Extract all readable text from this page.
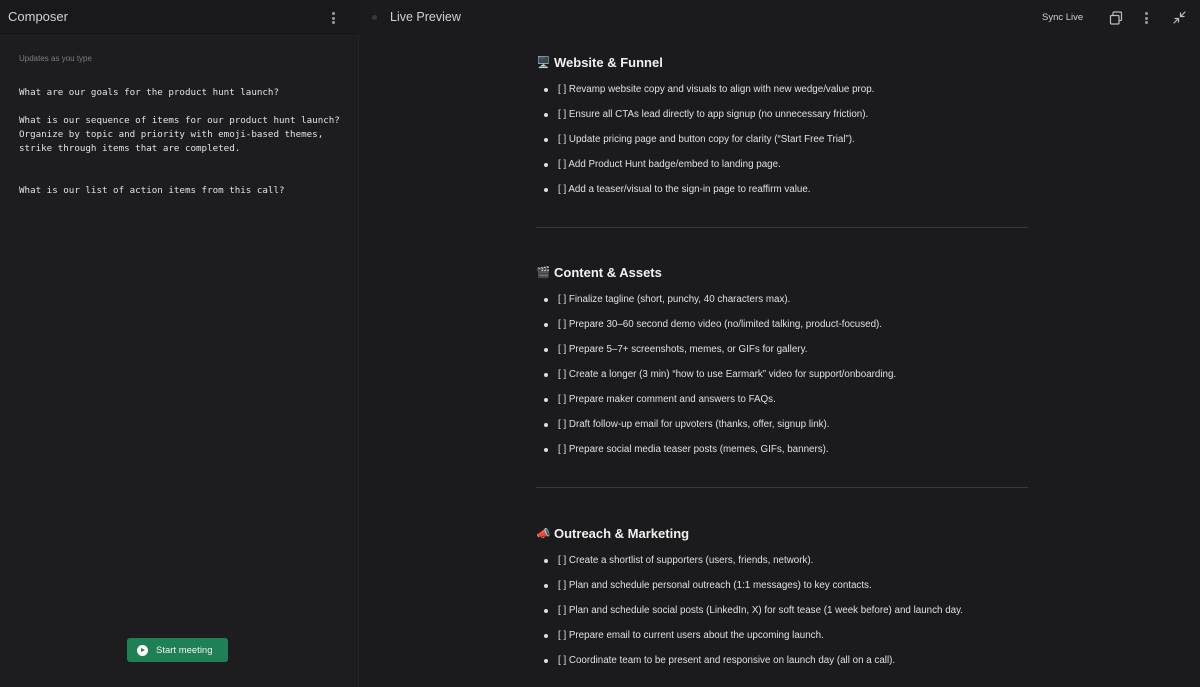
Composer
Updates as you type
What are our goals for the product hunt launch?

What is our sequence of items for our product hunt launch? Organize by topic and priority with emoji-based themes, strike through items that are completed.

What is our list of action items from this call?
Start meeting
Live Preview	Sync Live
🖥️ Website & Funnel
[ ] Revamp website copy and visuals to align with new wedge/value prop.
[ ] Ensure all CTAs lead directly to app signup (no unnecessary friction).
[ ] Update pricing page and button copy for clarity (“Start Free Trial”).
[ ] Add Product Hunt badge/embed to landing page.
[ ] Add a teaser/visual to the sign-in page to reaffirm value.
🎬 Content & Assets
[ ] Finalize tagline (short, punchy, 40 characters max).
[ ] Prepare 30–60 second demo video (no/limited talking, product-focused).
[ ] Prepare 5–7+ screenshots, memes, or GIFs for gallery.
[ ] Create a longer (3 min) “how to use Earmark” video for support/onboarding.
[ ] Prepare maker comment and answers to FAQs.
[ ] Draft follow-up email for upvoters (thanks, offer, signup link).
[ ] Prepare social media teaser posts (memes, GIFs, banners).
📣 Outreach & Marketing
[ ] Create a shortlist of supporters (users, friends, network).
[ ] Plan and schedule personal outreach (1:1 messages) to key contacts.
[ ] Plan and schedule social posts (LinkedIn, X) for soft tease (1 week before) and launch day.
[ ] Prepare email to current users about the upcoming launch.
[ ] Coordinate team to be present and responsive on launch day (all on a call).
